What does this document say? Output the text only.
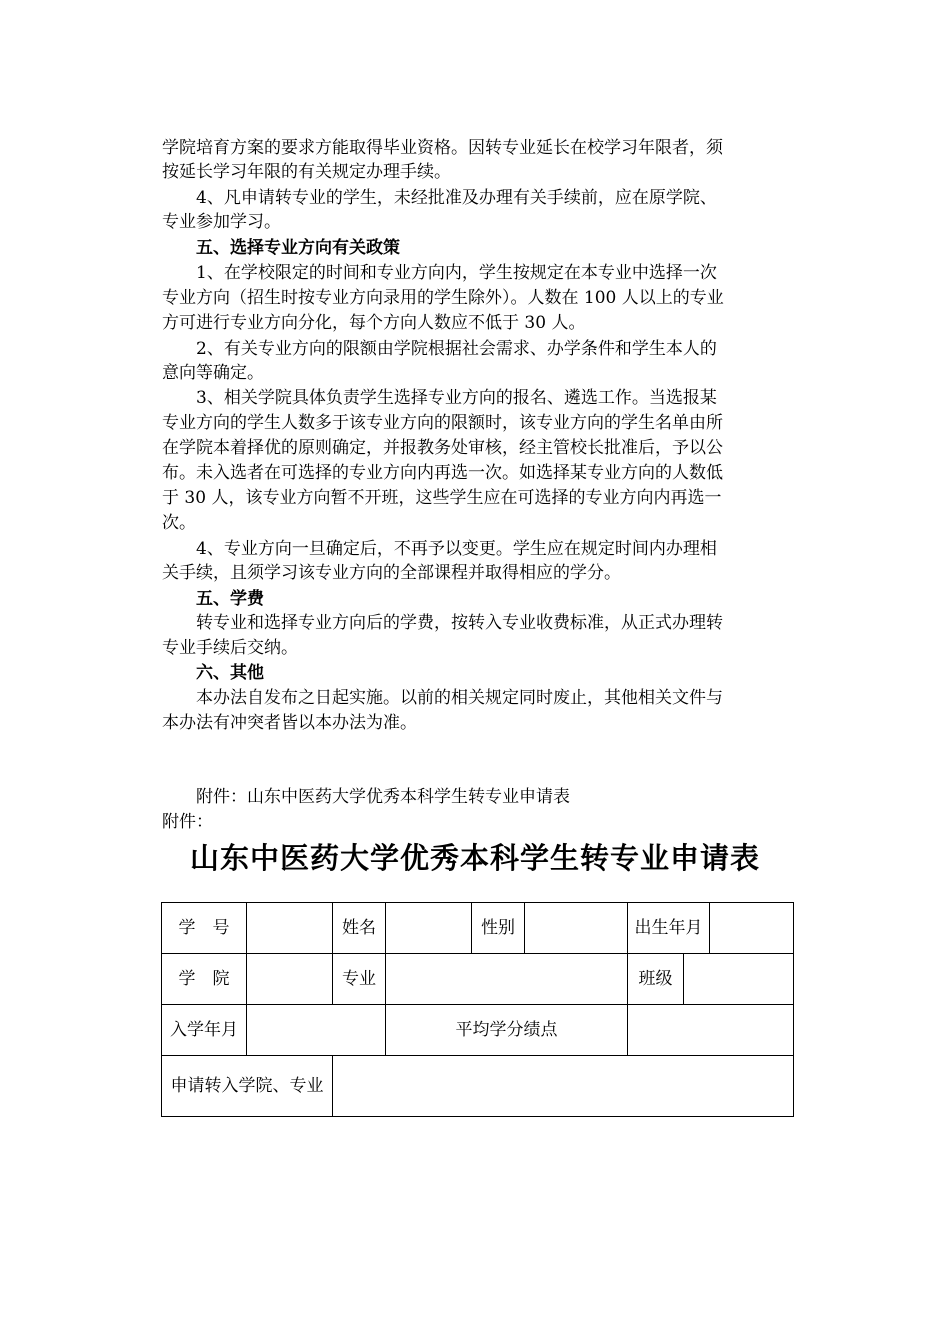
学院培育方案的要求方能取得毕业资格。因转专业延长在校学习年限者，须

按延长学习年限的有关规定办理手续。

　　4、凡申请转专业的学生，未经批准及办理有关手续前，应在原学院、

专业参加学习。

　　五、选择专业方向有关政策

　　1、在学校限定的时间和专业方向内，学生按规定在本专业中选择一次

专业方向（招生时按专业方向录用的学生除外）。人数在 100 人以上的专业

方可进行专业方向分化，每个方向人数应不低于 30 人。

　　2、有关专业方向的限额由学院根据社会需求、办学条件和学生本人的

意向等确定。

　　3、相关学院具体负责学生选择专业方向的报名、遴选工作。当选报某

专业方向的学生人数多于该专业方向的限额时，该专业方向的学生名单由所

在学院本着择优的原则确定，并报教务处审核，经主管校长批准后，予以公

布。未入选者在可选择的专业方向内再选一次。如选择某专业方向的人数低

于 30 人，该专业方向暂不开班，这些学生应在可选择的专业方向内再选一

次。

　　4、专业方向一旦确定后，不再予以变更。学生应在规定时间内办理相

关手续，且须学习该专业方向的全部课程并取得相应的学分。

　　五、学费

　　转专业和选择专业方向后的学费，按转入专业收费标准，从正式办理转

专业手续后交纳。

　　六、其他

　　本办法自发布之日起实施。以前的相关规定同时废止，其他相关文件与

本办法有冲突者皆以本办法为准。

　　附件：山东中医药大学优秀本科学生转专业申请表

附件：

山东中医药大学优秀本科学生转专业申请表
学　号		姓名		性别		出生年月		
学　院		专业				班级		
入学年月			平均学分绩点					
申请转入学院、专业								
